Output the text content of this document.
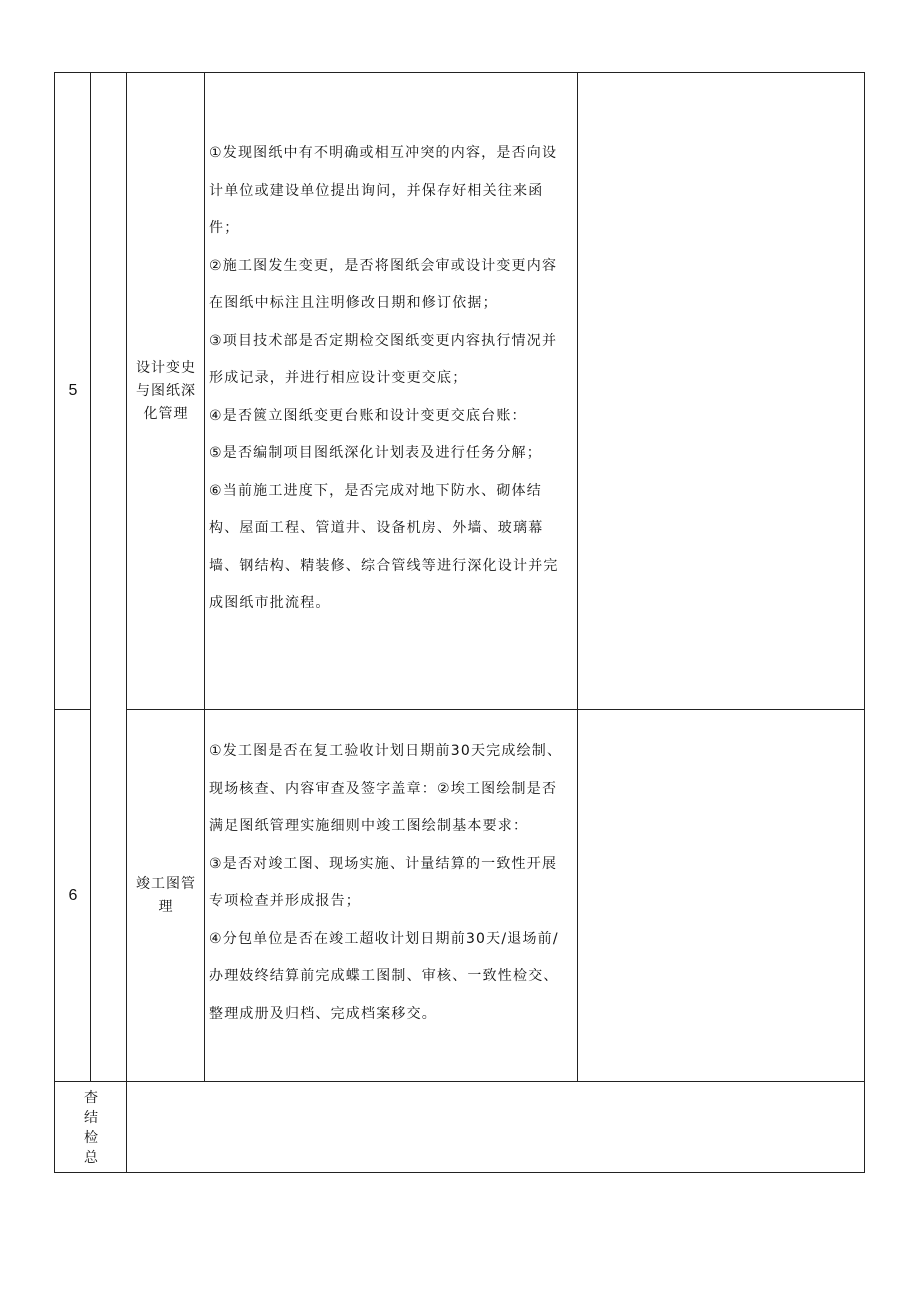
5
设计变史与图纸深化管理

①发现图纸中有不明确或相互冲突的内容，是否向设计单位或建设单位提出询问，并保存好相关往来函件；

②施工图发生变更，是否将图纸会审或设计变更内容在图纸中标注且注明修改日期和修订依据；

③项目技术部是否定期检交图纸变更内容执行情况并形成记录，并进行相应设计变更交底；

④是否篋立图纸变更台账和设计变更交底台账：

⑤是否编制项目图纸深化计划表及进行任务分解；

⑥当前施工进度下，是否完成对地下防水、砌体结构、屋面工程、管道井、设备机房、外墙、玻璃幕墙、钢结构、精装修、综合管线等进行深化设计并完成图纸市批流程。

6
竣工图管理

①发工图是否在复工验收计划日期前30天完成绘制、现场核查、内容审查及签字盖章：②埃工图绘制是否满足图纸管理实施细则中竣工图绘制基本要求：

③是否对竣工图、现场实施、计量结算的一致性开展专项检查并形成报告；

④分包单位是否在竣工超收计划日期前30天/退场前/办理妓终结算前完成蝶工图制、审核、一致性检交、整理成册及归档、完成档案移交。

杳
结
检
总
